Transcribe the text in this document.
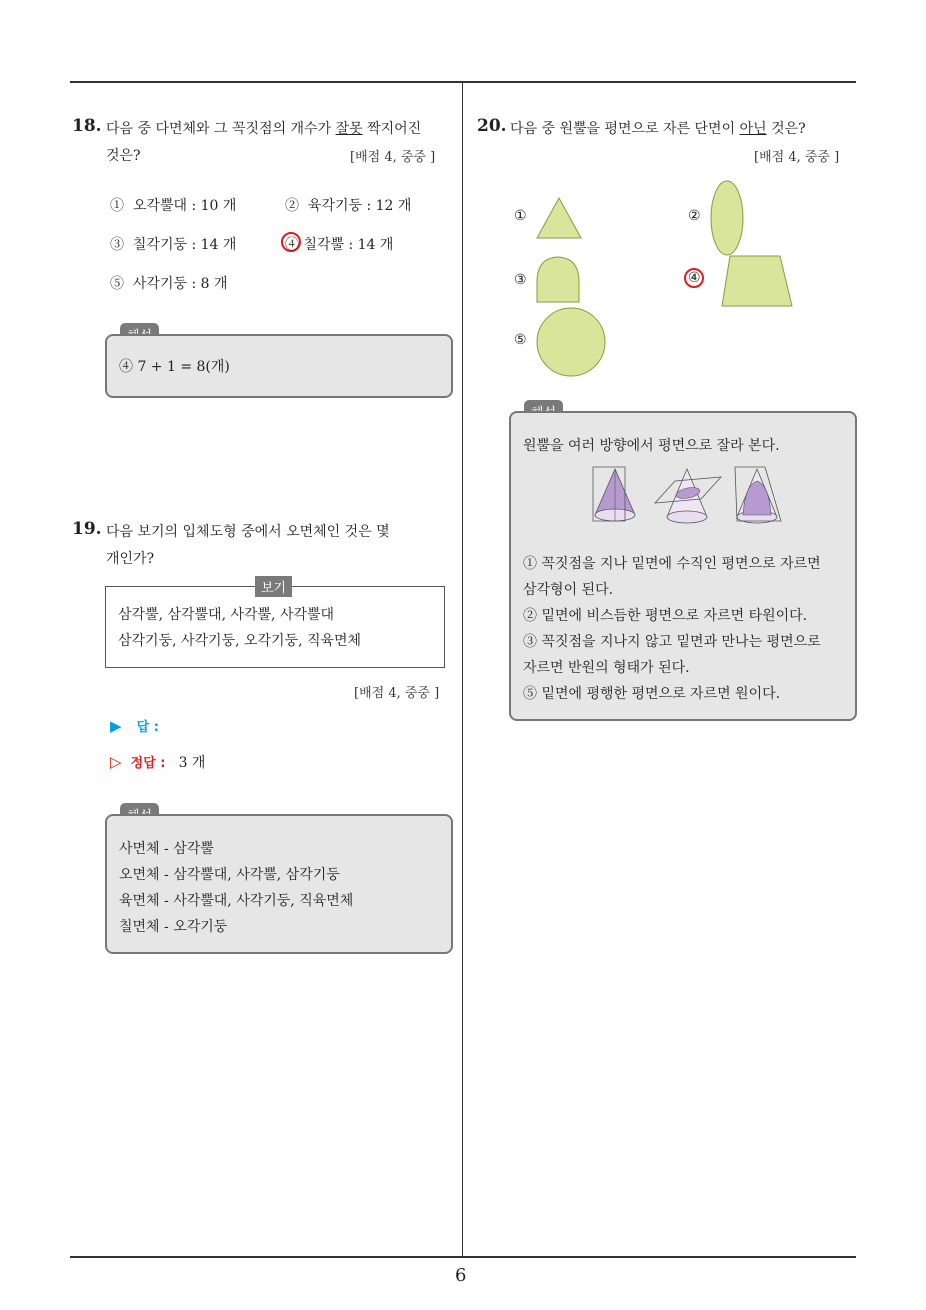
6
18. 다음 중 다면체와 그 꼭짓점의 개수가 잘못 짝지어진
것은?	[배점 4, 중중 ]
① 오각뿔대 : 10 개	② 육각기둥 : 12 개
③ 칠각기둥 : 14 개	④ 칠각뿔 : 14 개
⑤ 사각기둥 : 8 개
④ 7 + 1 = 8(개)
19. 다음 보기의 입체도형 중에서 오면체인 것은 몇
개인가?
삼각뿔, 삼각뿔대, 사각뿔, 사각뿔대
삼각기둥, 사각기둥, 오각기둥, 직육면체
보기
[배점 4, 중중 ]
▶ 답 :
▷ 정답 : 3 개
사면체 - 삼각뿔
오면체 - 삼각뿔대, 사각뿔, 삼각기둥
육면체 - 사각뿔대, 사각기둥, 직육면체
칠면체 - 오각기둥
20. 다음 중 원뿔을 평면으로 자른 단면이 아닌 것은?
[배점 4, 중중 ]
①	②
③	④
⑤
원뿔을 여러 방향에서 평면으로 잘라 본다.
① 꼭짓점을 지나 밑면에 수직인 평면으로 자르면
삼각형이 된다.
② 밑면에 비스듬한 평면으로 자르면 타원이다.
③ 꼭짓점을 지나지 않고 밑면과 만나는 평면으로
자르면 반원의 형태가 된다.
⑤ 밑면에 평행한 평면으로 자르면 원이다.
